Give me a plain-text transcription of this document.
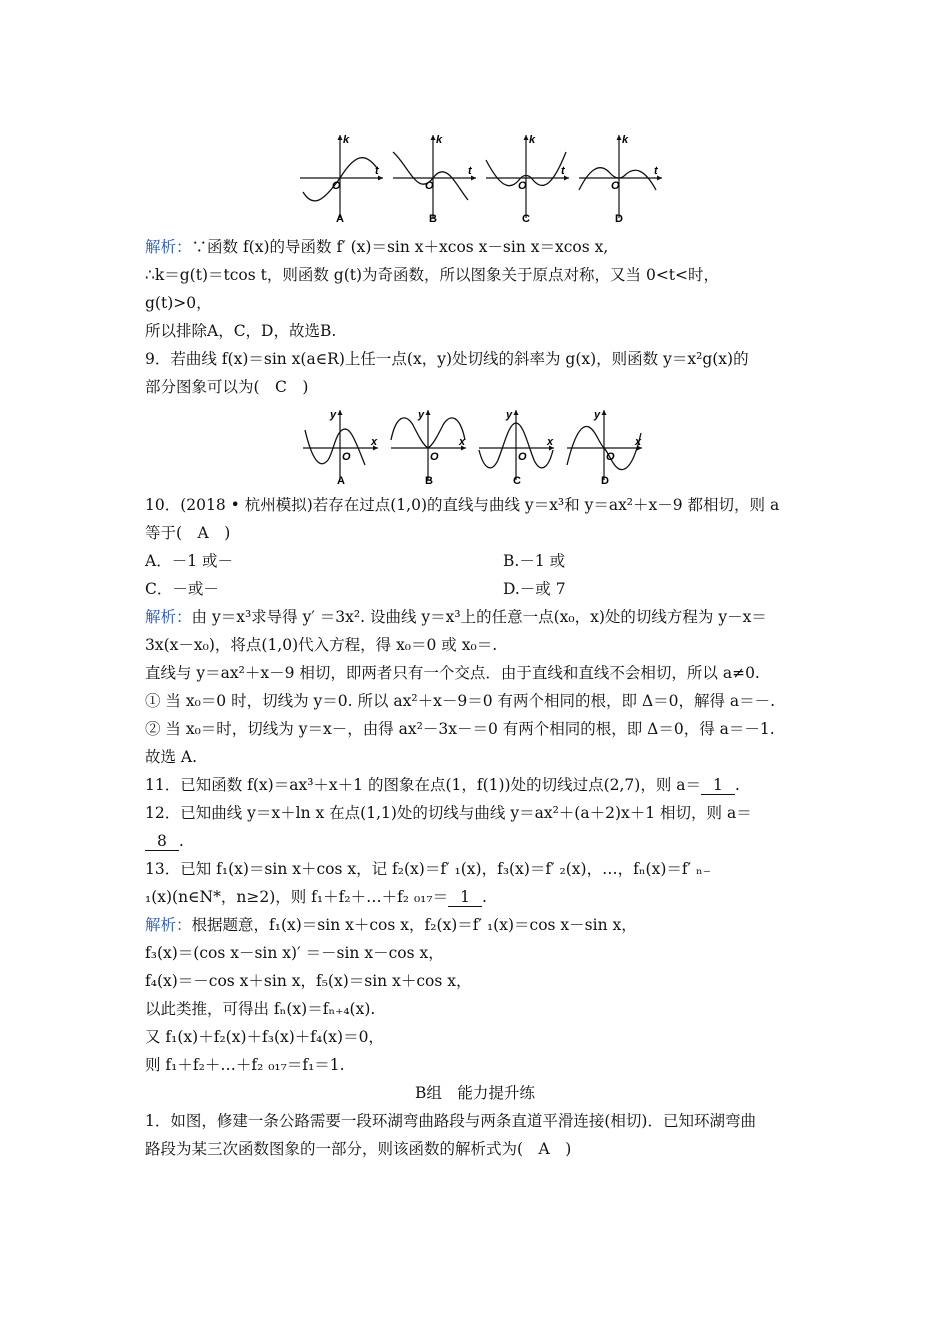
k
t
O
A
k
t
O
B
k
t
O
C
k
t
O
D
解析：∵函数 f(x)的导函数 f′ (x)＝sin x＋xcos x－sin x＝xcos x,
∴k＝g(t)＝tcos t，则函数 g(t)为奇函数，所以图象关于原点对称，又当 0<t<时，
g(t)>0，
所以排除A，C，D，故选B.
9．若曲线 f(x)＝sin x(a∈R)上任一点(x，y)处切线的斜率为 g(x)，则函数 y＝x²g(x)的
部分图象可以为(　C　)
y
x
O
A
y
x
O
B
y
x
O
C
y
x
O
D
10．(2018 • 杭州模拟)若存在过点(1,0)的直线与曲线 y＝x³和 y＝ax²＋x－9 都相切，则 a
等于(　A　)
A．－1 或－	B.－1 或
C．－或－	D.－或 7
解析：由 y＝x³求导得 y′ ＝3x². 设曲线 y＝x³上的任意一点(x₀，x)处的切线方程为 y－x＝
3x(x－x₀)，将点(1,0)代入方程，得 x₀＝0 或 x₀＝.
直线与 y＝ax²＋x－9 相切，即两者只有一个交点．由于直线和直线不会相切，所以 a≠0.
① 当 x₀＝0 时，切线为 y＝0. 所以 ax²＋x－9＝0 有两个相同的根，即 Δ＝0，解得 a＝－.
② 当 x₀＝时，切线为 y＝x－，由得 ax²－3x－＝0 有两个相同的根，即 Δ＝0，得 a＝－1.
故选 A.
11．已知函数 f(x)＝ax³＋x＋1 的图象在点(1，f(1))处的切线过点(2,7)，则 a＝ 1 .
12．已知曲线 y＝x＋ln x 在点(1,1)处的切线与曲线 y＝ax²＋(a＋2)x＋1 相切，则 a＝
8 .
13．已知 f₁(x)＝sin x＋cos x，记 f₂(x)＝f′ ₁(x)，f₃(x)＝f′ ₂(x)，…，fₙ(x)＝f′ ₙ₋
₁(x)(n∈N*，n≥2)，则 f₁＋f₂＋…＋f₂ ₀₁₇＝ 1 .
解析：根据题意，f₁(x)＝sin x＋cos x，f₂(x)＝f′ ₁(x)＝cos x－sin x，
f₃(x)＝(cos x－sin x)′ ＝－sin x－cos x，
f₄(x)＝－cos x＋sin x，f₅(x)＝sin x＋cos x，
以此类推，可得出 fₙ(x)＝fₙ₊₄(x).
又 f₁(x)＋f₂(x)＋f₃(x)＋f₄(x)＝0，
则 f₁＋f₂＋…＋f₂ ₀₁₇＝f₁＝1.
B组　能力提升练
1．如图，修建一条公路需要一段环湖弯曲路段与两条直道平滑连接(相切)．已知环湖弯曲
路段为某三次函数图象的一部分，则该函数的解析式为(　A　)
